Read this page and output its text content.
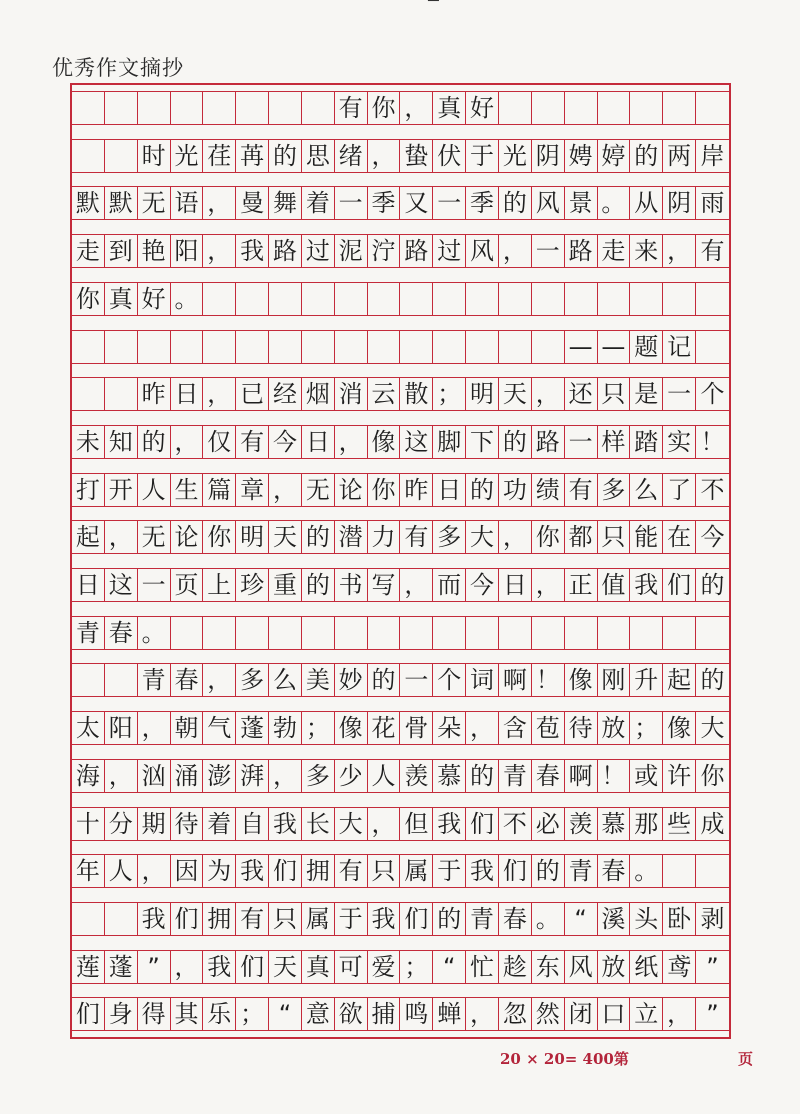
▔
优秀作文摘抄
有 你 ， 真 好
时 光 荏 苒 的 思 绪 ， 蛰 伏 于 光 阴 娉 婷 的 两 岸
默 默 无 语 ， 曼 舞 着 一 季 又 一 季 的 风 景 。 从 阴 雨
走 到 艳 阳 ， 我 路 过 泥 泞 路 过 风 ， 一 路 走 来 ， 有
你 真 好 。
— — 题 记
昨 日 ， 已 经 烟 消 云 散 ； 明 天 ， 还 只 是 一 个
未 知 的 ， 仅 有 今 日 ， 像 这 脚 下 的 路 一 样 踏 实 ！
打 开 人 生 篇 章 ， 无 论 你 昨 日 的 功 绩 有 多 么 了 不
起 ， 无 论 你 明 天 的 潜 力 有 多 大 ， 你 都 只 能 在 今
日 这 一 页 上 珍 重 的 书 写 ， 而 今 日 ， 正 值 我 们 的
青 春 。
青 春 ， 多 么 美 妙 的 一 个 词 啊 ！ 像 刚 升 起 的
太 阳 ， 朝 气 蓬 勃 ； 像 花 骨 朵 ， 含 苞 待 放 ； 像 大
海 ， 汹 涌 澎 湃 ， 多 少 人 羡 慕 的 青 春 啊 ！ 或 许 你
十 分 期 待 着 自 我 长 大 ， 但 我 们 不 必 羡 慕 那 些 成
年 人 ， 因 为 我 们 拥 有 只 属 于 我 们 的 青 春 。
我 们 拥 有 只 属 于 我 们 的 青 春 。 “ 溪 头 卧 剥
莲 蓬 ” ， 我 们 天 真 可 爱 ； “ 忙 趁 东 风 放 纸 鸢 ”
们 身 得 其 乐 ； “ 意 欲 捕 鸣 蝉 ， 忽 然 闭 口 立 ， ”
20 × 20= 400第	页
